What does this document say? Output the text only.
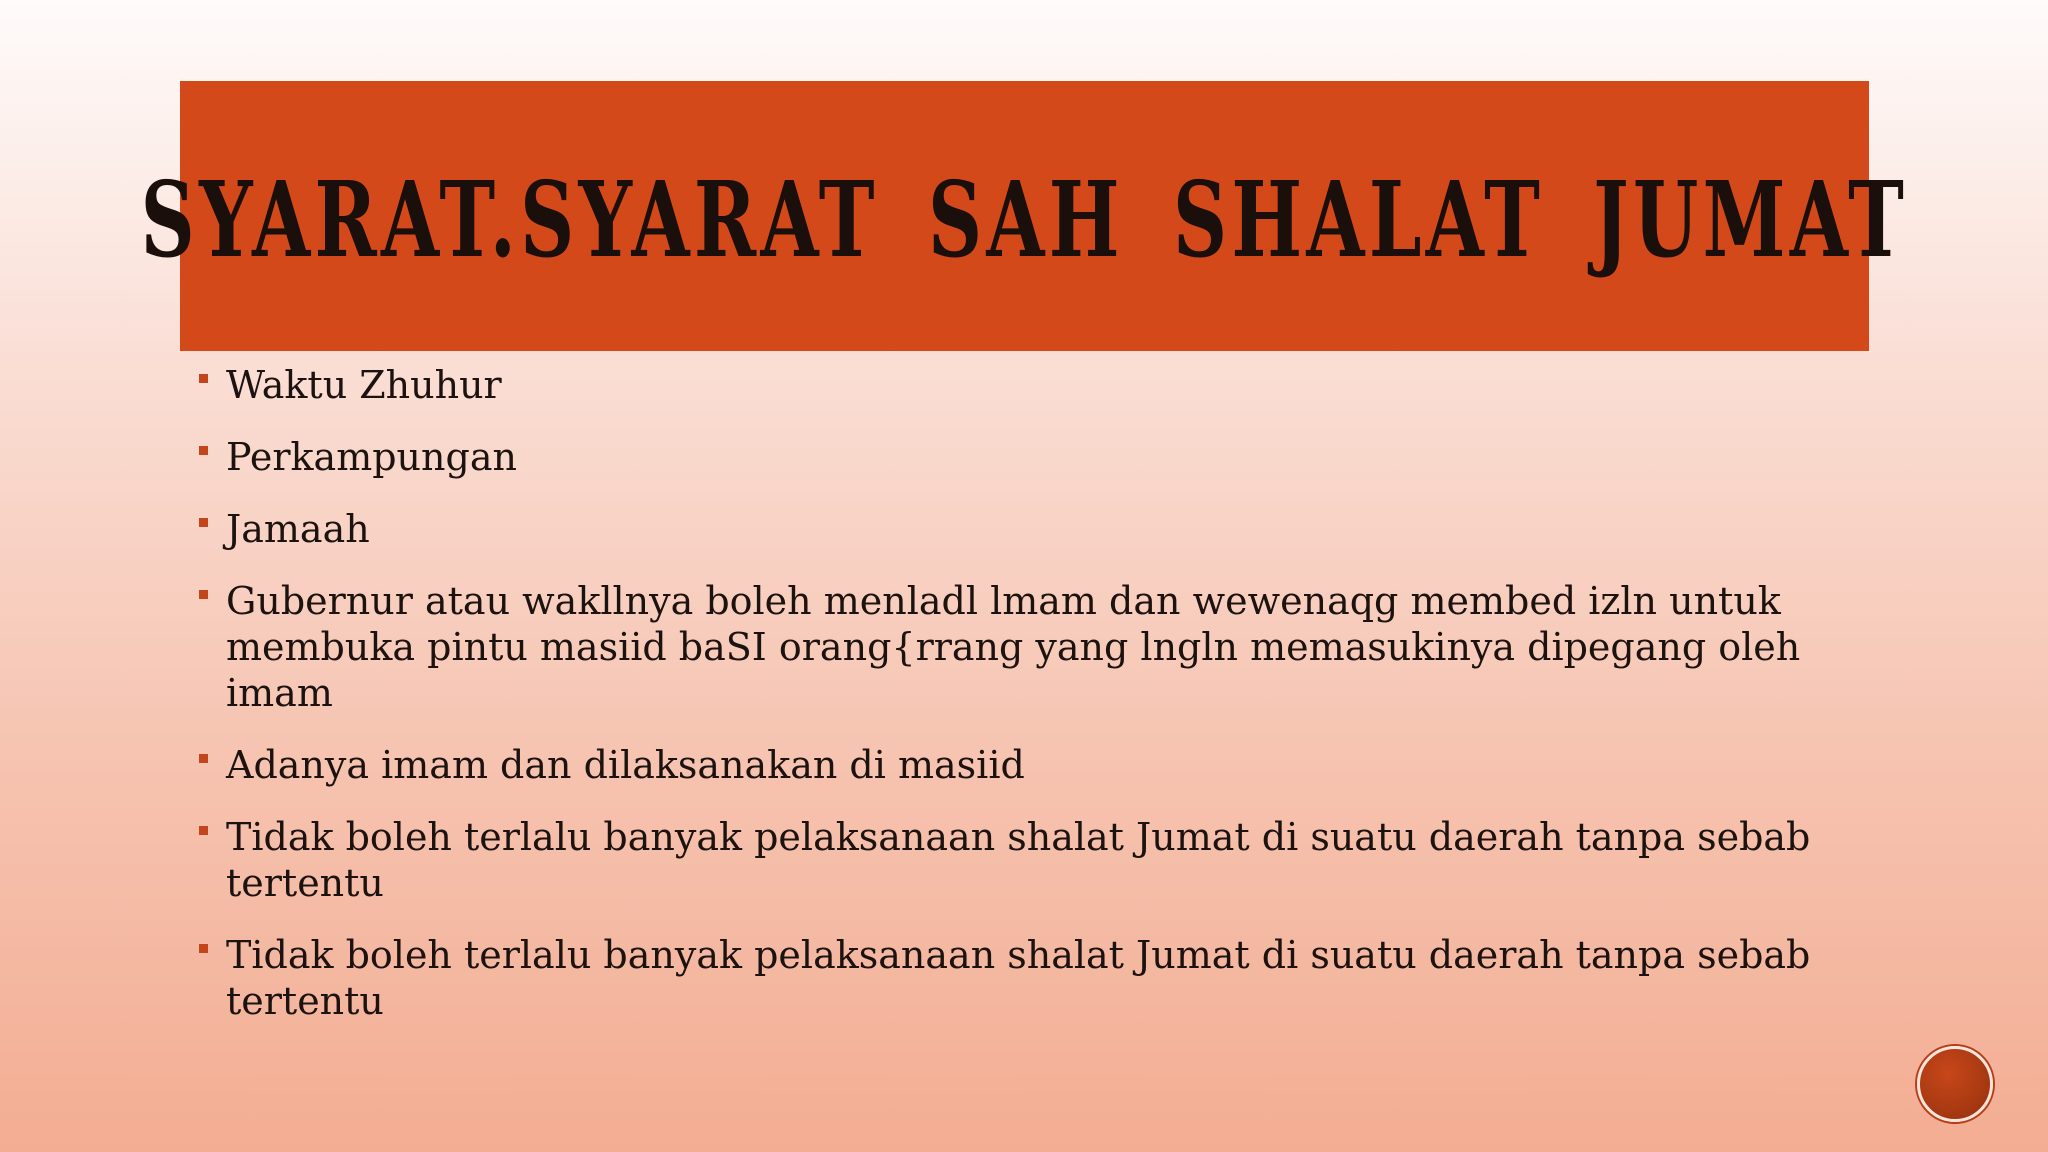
SYARAT.SYARAT SAH SHALAT JUMAT
Waktu Zhuhur
Perkampungan
Jamaah
Gubernur atau wakllnya boleh menladl lmam dan wewenaqg membed izln untuk membuka pintu masiid baSI orang{rrang yang lngln memasukinya dipegang oleh imam
Adanya imam dan dilaksanakan di masiid
Tidak boleh terlalu banyak pelaksanaan shalat Jumat di suatu daerah tanpa sebab tertentu
Tidak boleh terlalu banyak pelaksanaan shalat Jumat di suatu daerah tanpa sebab tertentu
